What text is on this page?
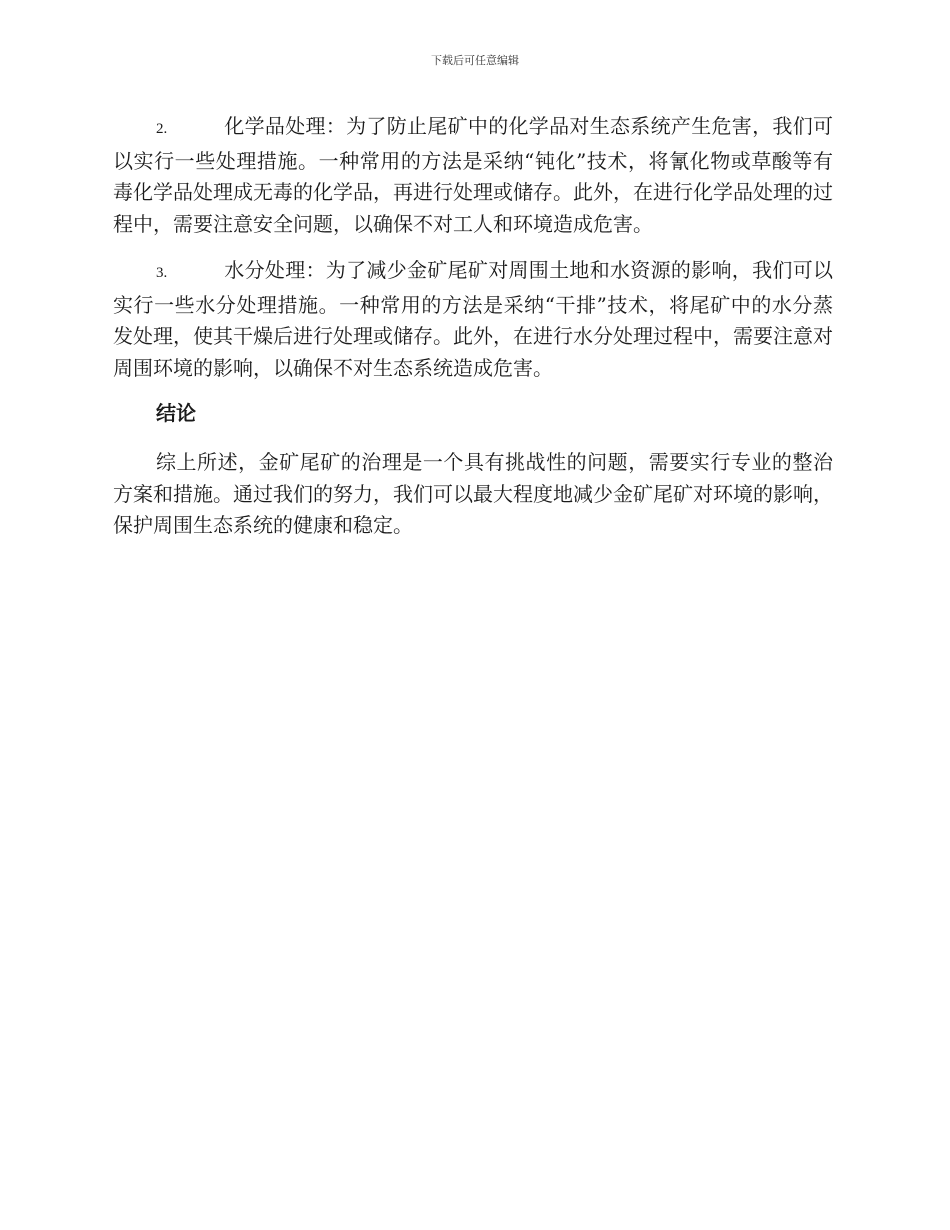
下载后可任意编辑

2.	化学品处理：为了防止尾矿中的化学品对生态系统产生危害，我们可以实行一些处理措施。一种常用的方法是采纳“钝化”技术，将氰化物或草酸等有毒化学品处理成无毒的化学品，再进行处理或储存。此外，在进行化学品处理的过程中，需要注意安全问题，以确保不对工人和环境造成危害。

3.	水分处理：为了减少金矿尾矿对周围土地和水资源的影响，我们可以实行一些水分处理措施。一种常用的方法是采纳“干排”技术，将尾矿中的水分蒸发处理，使其干燥后进行处理或储存。此外，在进行水分处理过程中，需要注意对周围环境的影响，以确保不对生态系统造成危害。

结论

综上所述，金矿尾矿的治理是一个具有挑战性的问题，需要实行专业的整治方案和措施。通过我们的努力，我们可以最大程度地减少金矿尾矿对环境的影响，保护周围生态系统的健康和稳定。
